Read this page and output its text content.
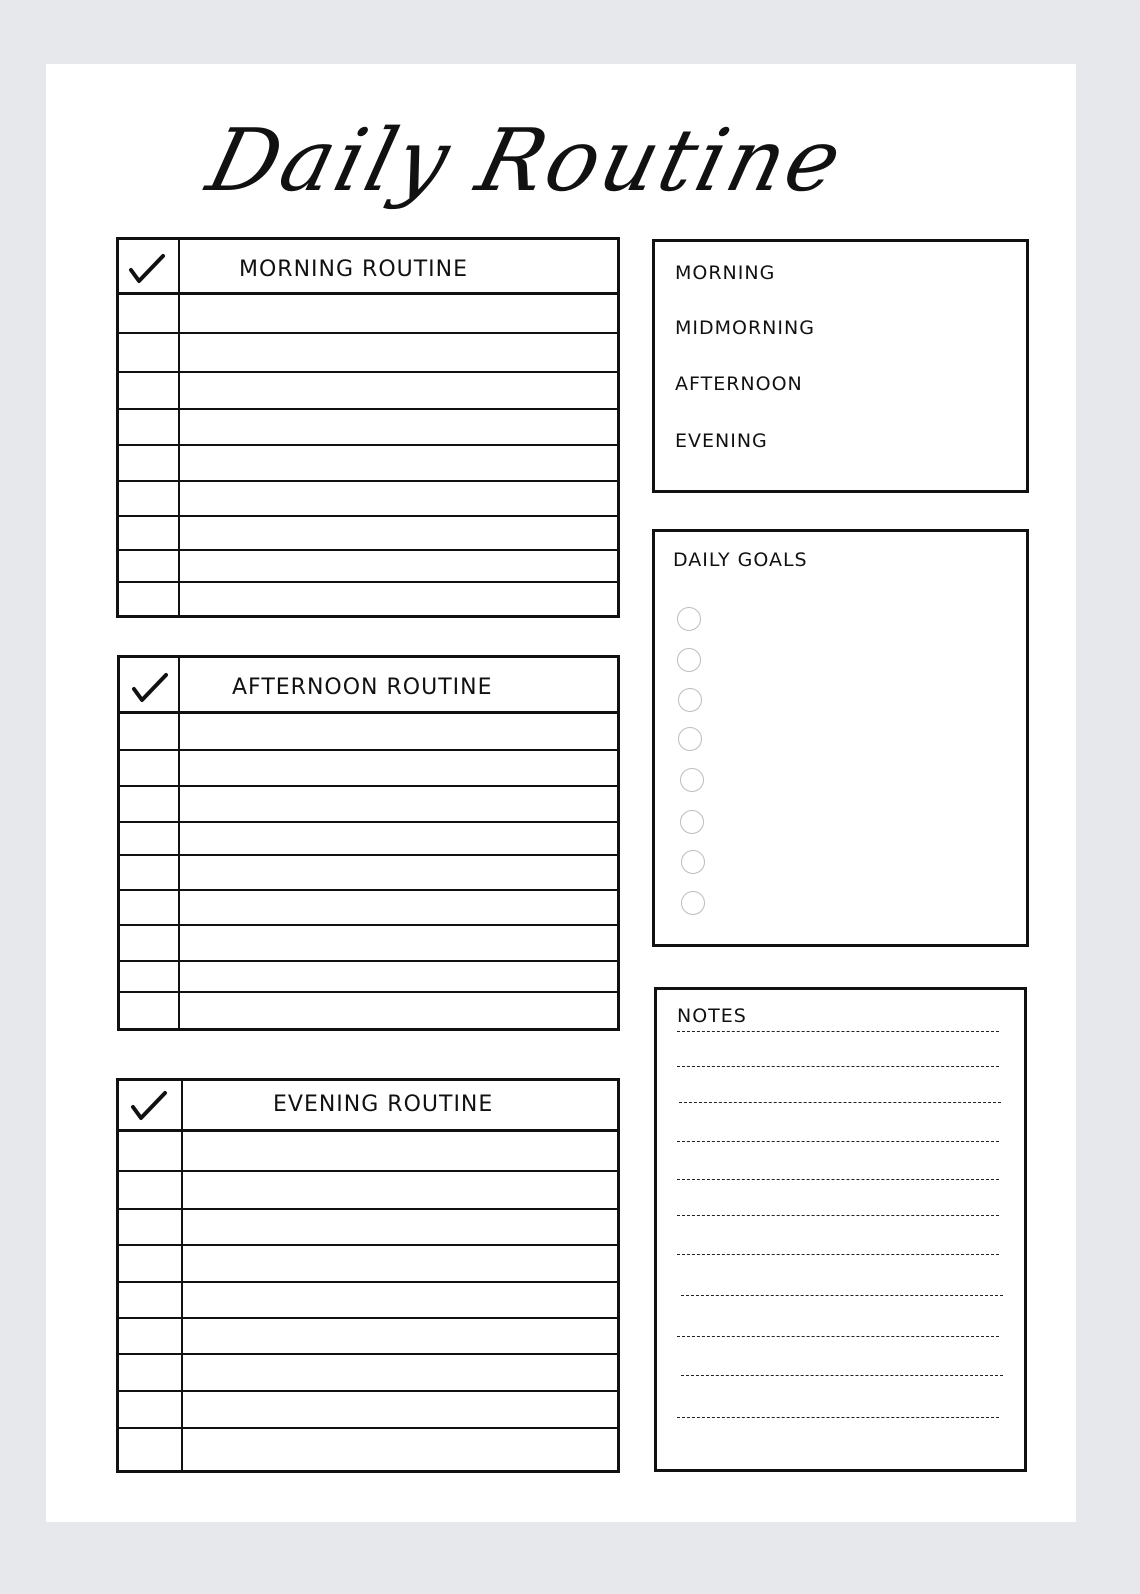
Daily Routine
MORNING ROUTINE
AFTERNOON ROUTINE
EVENING ROUTINE
MORNING
MIDMORNING
AFTERNOON
EVENING
DAILY GOALS
NOTES
